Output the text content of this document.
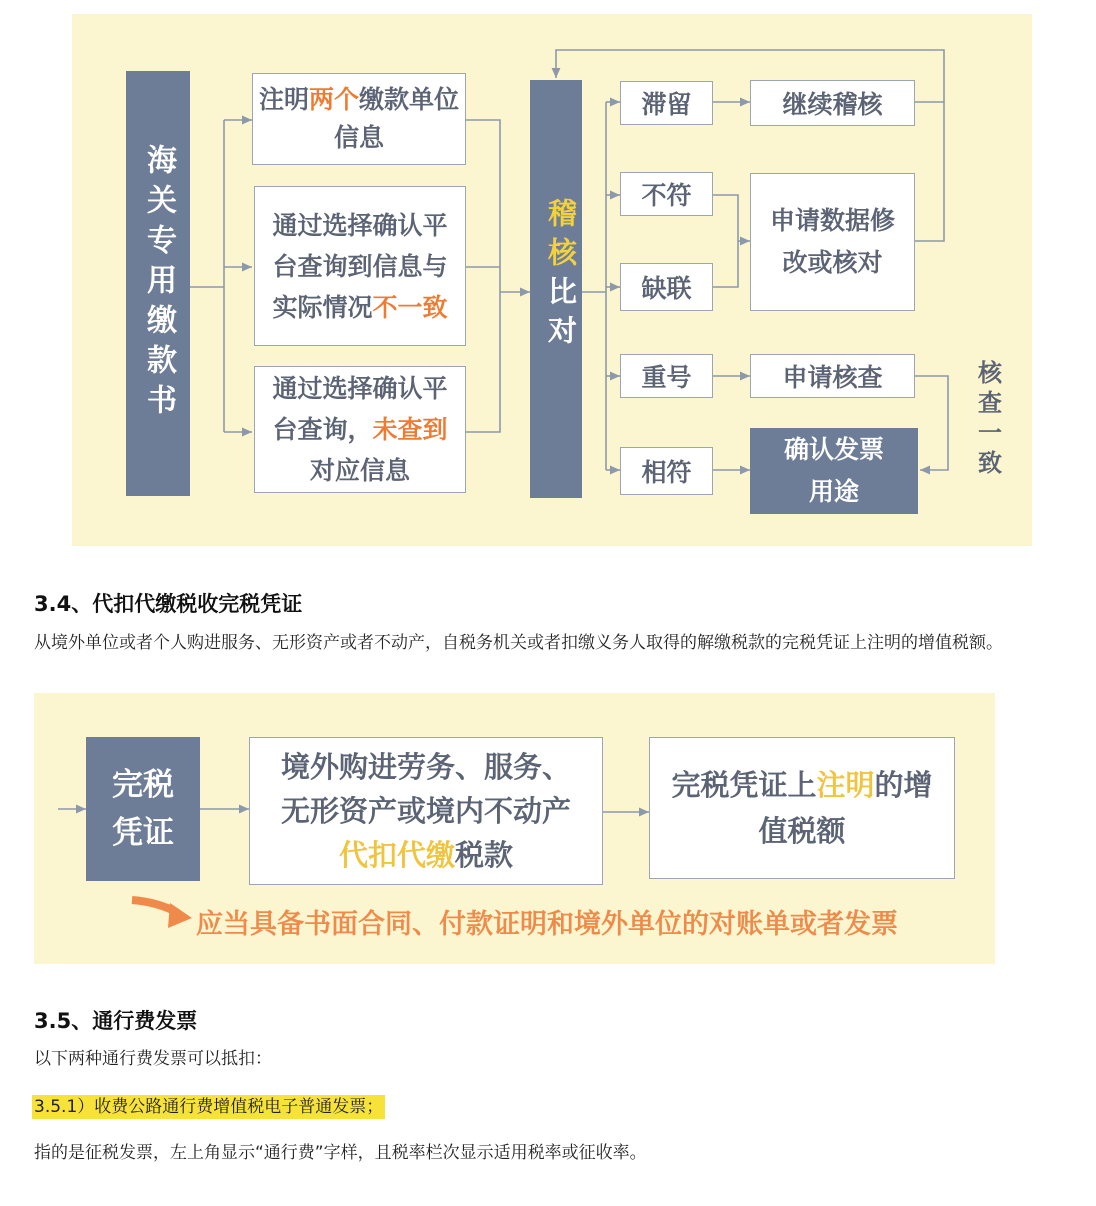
海关专用缴款书
注明两个缴款单位信息
通过选择确认平台查询到信息与实际情况不一致
通过选择确认平台查询，未查到对应信息
稽核
比对
滞留
不符
缺联
重号
相符
继续稽核
申请数据修改或核对
申请核查
确认发票用途
核查一致
3.4、代扣代缴税收完税凭证
从境外单位或者个人购进服务、无形资产或者不动产，自税务机关或者扣缴义务人取得的解缴税款的完税凭证上注明的增值税额。
完税凭证
境外购进劳务、服务、
无形资产或境内不动产
代扣代缴税款
完税凭证上注明的增值税额
应当具备书面合同、付款证明和境外单位的对账单或者发票
3.5、通行费发票
以下两种通行费发票可以抵扣：
3.5.1）收费公路通行费增值税电子普通发票；
指的是征税发票，左上角显示“通行费”字样，且税率栏次显示适用税率或征收率。
